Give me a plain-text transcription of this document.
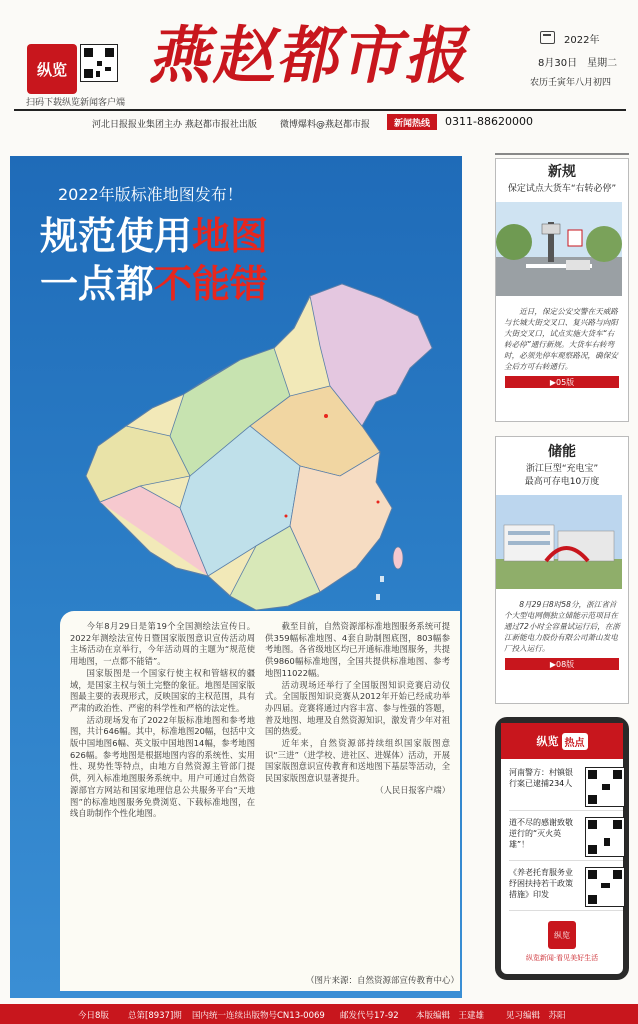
纵览
扫码下载纵览新闻客户端
燕赵都市报	2022年
8月30日　星期二
农历壬寅年八月初四
河北日报报业集团主办 燕赵都市报社出版	微博爆料@燕赵都市报	新闻热线	0311-88620000
2022年版标准地图发布！
规范使用地图
一点都不能错

今年8月29日是第19个全国测绘法宣传日。2022年测绘法宣传日暨国家版图意识宣传活动周主场活动在京举行，今年活动周的主题为“规范使用地图，一点都不能错”。

国家版图是一个国家行使主权和管辖权的疆域，是国家主权与领土完整的象征。地图是国家版图最主要的表现形式，反映国家的主权范围，具有严肃的政治性、严密的科学性和严格的法定性。

活动现场发布了2022年版标准地图和参考地图，共计646幅。其中，标准地图20幅，包括中文版中国地图6幅、英文版中国地图14幅，参考地图626幅。参考地图是根据地图内容的系统性、实用性、现势性等特点，由地方自然资源主管部门提供，列入标准地图服务系统中。用户可通过自然资源部官方网站和国家地理信息公共服务平台“天地图”的标准地图服务免费浏览、下载标准地图，在线自助制作个性化地图。

截至目前，自然资源部标准地图服务系统可提供359幅标准地图、4套自助制图底图，803幅参考地图。各省级地区均已开通标准地图服务，共提供9860幅标准地图，全国共提供标准地图、参考地图11022幅。

活动现场还举行了全国版图知识竞赛启动仪式。全国版图知识竞赛从2012年开始已经成功举办四届。竞赛将通过内容丰富、参与性强的答题，普及地图、地理及自然资源知识，激发青少年对祖国的热爱。

近年来，自然资源部持续组织国家版图意识“三进”（进学校、进社区、进媒体）活动，开展国家版图意识宣传教育和送地图下基层等活动，全民国家版图意识显著提升。

（人民日报客户端）

（图片来源：自然资源部宣传教育中心）
新规
保定试点大货车“右转必停”
近日，保定公安交警在天威路与长城大街交叉口、复兴路与向阳大街交叉口，试点实施大货车“右转必停”通行新规。大货车右转弯时，必须先停车观察路况，确保安全后方可右转通行。
▶05版
储能
浙江巨型“充电宝”
最高可存电10万度
8月29日8时58分，浙江省首个大型电网侧独立储能示范项目在通过72小时全容量试运行后，在浙江新能电力股份有限公司萧山发电厂投入运行。
▶08版
纵览 热点
河南警方：村镇银行案已逮捕234人
道不尽的感谢致敬逆行的“灭火英雄”！
《养老托育服务业纾困扶持若干政策措施》印发
纵览
纵览新闻·看见美好生活
今日8版 总第[8937]期 国内统一连续出版物号CN13-0069 邮发代号17-92 本版编辑　王建雄	见习编辑　苏阳
